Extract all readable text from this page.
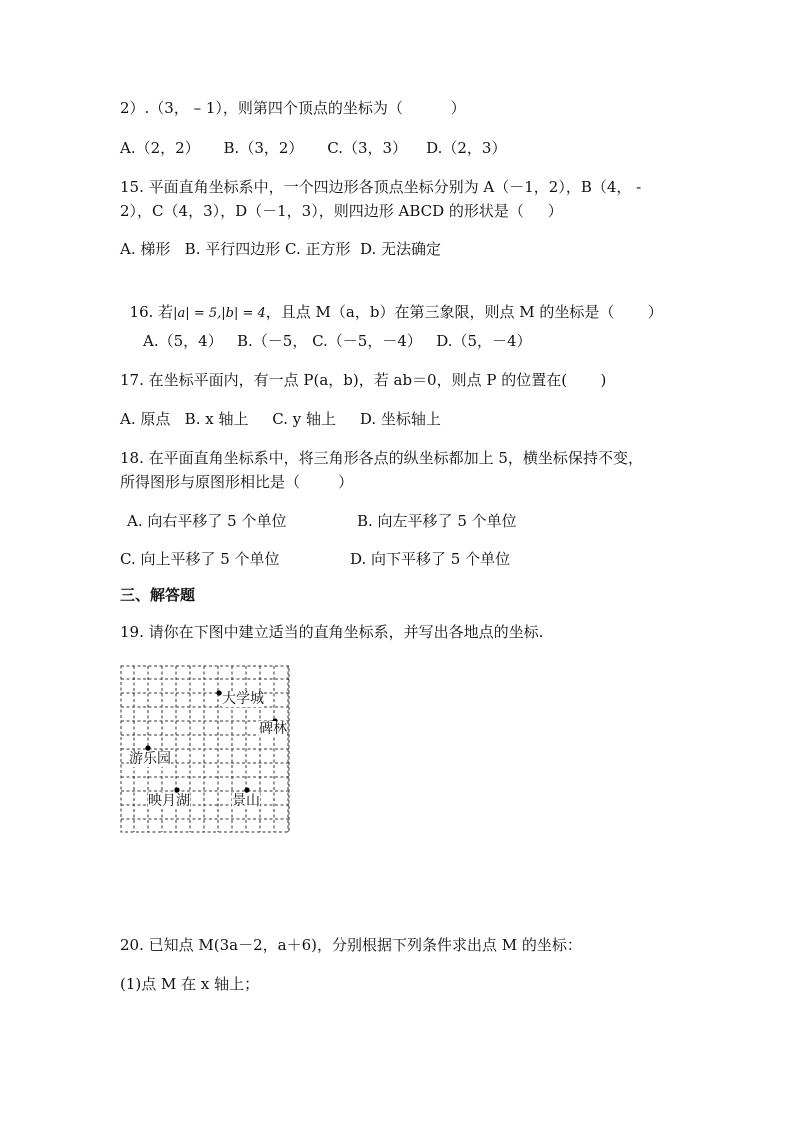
2）.（3， – 1），则第四个顶点的坐标为（          ）
A.（2，2）     B.（3，2）     C.（3，3）    D.（2，3）
15. 平面直角坐标系中，一个四边形各顶点坐标分别为 A（－1，2），B（4， -
2），C（4，3），D（－1，3），则四边形 ABCD 的形状是（     ）
A. 梯形   B. 平行四边形 C. 正方形  D. 无法确定

16. 若|a| = 5,|b| = 4，且点 M（a，b）在第三象限，则点 M 的坐标是（       ）

A.（5，4）   B.（－5， C.（－5，－4）   D.（5，－4）
17. 在坐标平面内，有一点 P(a，b)，若 ab＝0，则点 P 的位置在(       )
A. 原点   B. x 轴上     C. y 轴上     D. 坐标轴上
18. 在平面直角坐标系中，将三角形各点的纵坐标都加上 5，横坐标保持不变，
所得图形与原图形相比是（        ）
A. 向右平移了 5 个单位	B. 向左平移了 5 个单位
C. 向上平移了 5 个单位	D. 向下平移了 5 个单位
三、解答题
19. 请你在下图中建立适当的直角坐标系，并写出各地点的坐标.
大学城
碑林
游乐园
映月湖	景山
20. 已知点 M(3a－2，a＋6)，分别根据下列条件求出点 M 的坐标：
(1)点 M 在 x 轴上；
